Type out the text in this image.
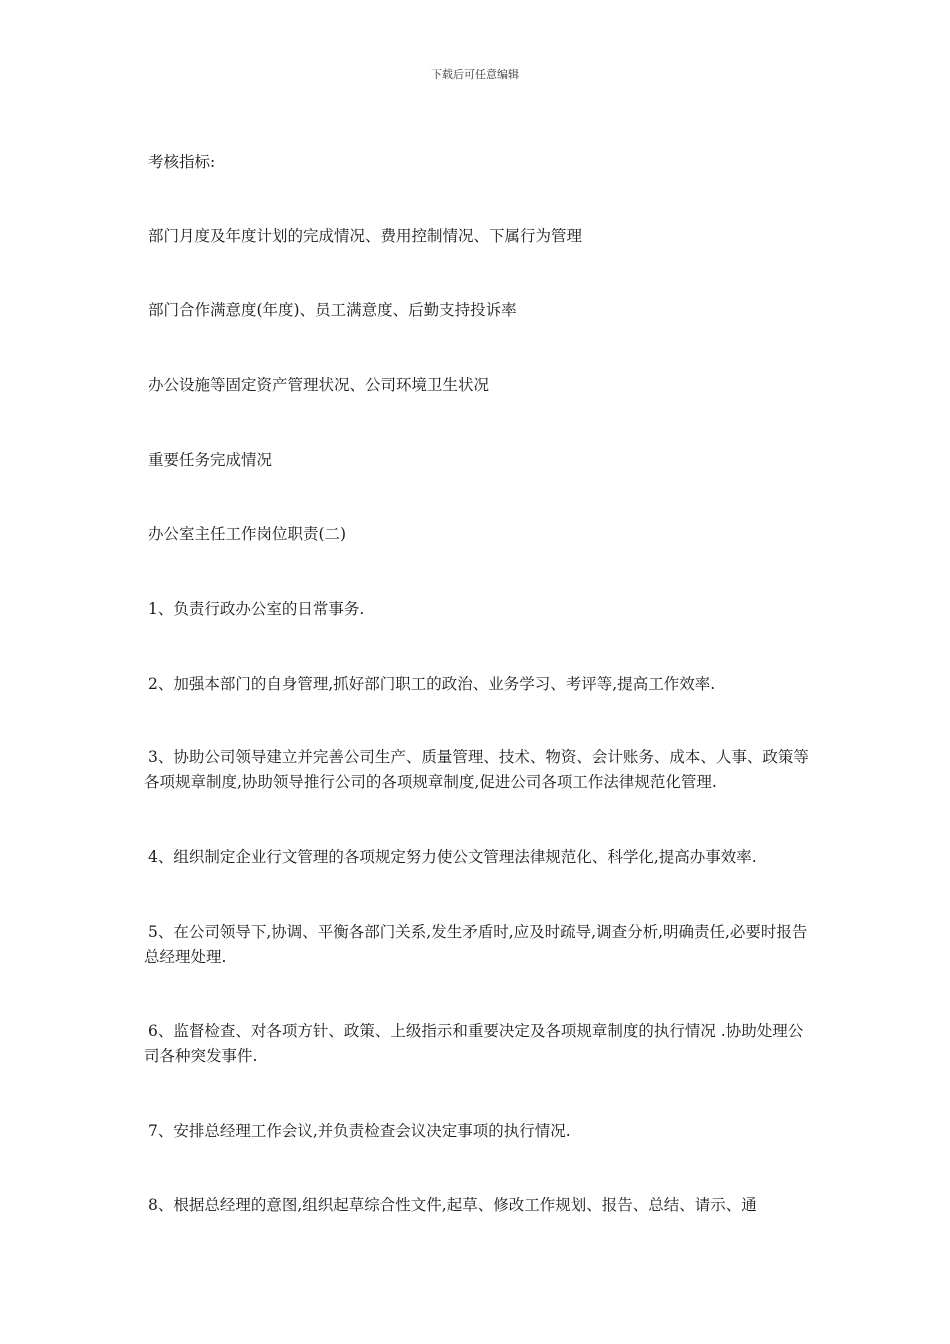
下载后可任意编辑
考核指标:
部门月度及年度计划的完成情况、费用控制情况、下属行为管理
部门合作满意度(年度)、员工满意度、后勤支持投诉率
办公设施等固定资产管理状况、公司环境卫生状况
重要任务完成情况
办公室主任工作岗位职责(二)
1、负责行政办公室的日常事务.
2、加强本部门的自身管理,抓好部门职工的政治、业务学习、考评等,提高工作效率.
3、协助公司领导建立并完善公司生产、质量管理、技术、物资、会计账务、成本、人事、政策等各项规章制度,协助领导推行公司的各项规章制度,促进公司各项工作法律规范化管理.
4、组织制定企业行文管理的各项规定努力使公文管理法律规范化、科学化,提高办事效率.
5、在公司领导下,协调、平衡各部门关系,发生矛盾时,应及时疏导,调查分析,明确责任,必要时报告总经理处理.
6、监督检查、对各项方针、政策、上级指示和重要决定及各项规章制度的执行情况 .协助处理公司各种突发事件.
7、安排总经理工作会议,并负责检查会议决定事项的执行情况.
8、根据总经理的意图,组织起草综合性文件,起草、修改工作规划、报告、总结、请示、通
